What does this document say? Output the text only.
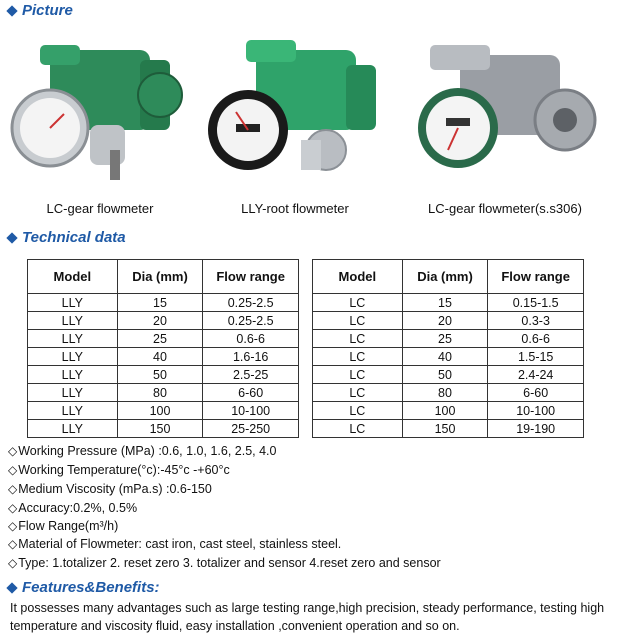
Picture
LC-gear flowmeter	LLY-root flowmeter	LC-gear flowmeter(s.s306)
Technical data
Model	Dia (mm)	Flow range
LLY	15	0.25-2.5
LLY	20	0.25-2.5
LLY	25	0.6-6
LLY	40	1.6-16
LLY	50	2.5-25
LLY	80	6-60
LLY	100	10-100
LLY	150	25-250
Model	Dia (mm)	Flow range
LC	15	0.15-1.5
LC	20	0.3-3
LC	25	0.6-6
LC	40	1.5-15
LC	50	2.4-24
LC	80	6-60
LC	100	10-100
LC	150	19-190
◇Working Pressure (MPa) :0.6, 1.0, 1.6, 2.5, 4.0
◇Working Temperature(°c):-45°c -+60°c
◇Medium Viscosity (mPa.s) :0.6-150
◇Accuracy:0.2%, 0.5%
◇Flow Range(m³/h)
◇Material of Flowmeter: cast iron, cast steel, stainless steel.
◇Type: 1.totalizer 2. reset zero 3. totalizer and sensor 4.reset zero and sensor
Features&Benefits:
It possesses many advantages such as large testing range,high precision, steady performance, testing high temperature and viscosity fluid, easy installation ,convenient operation and so on.
